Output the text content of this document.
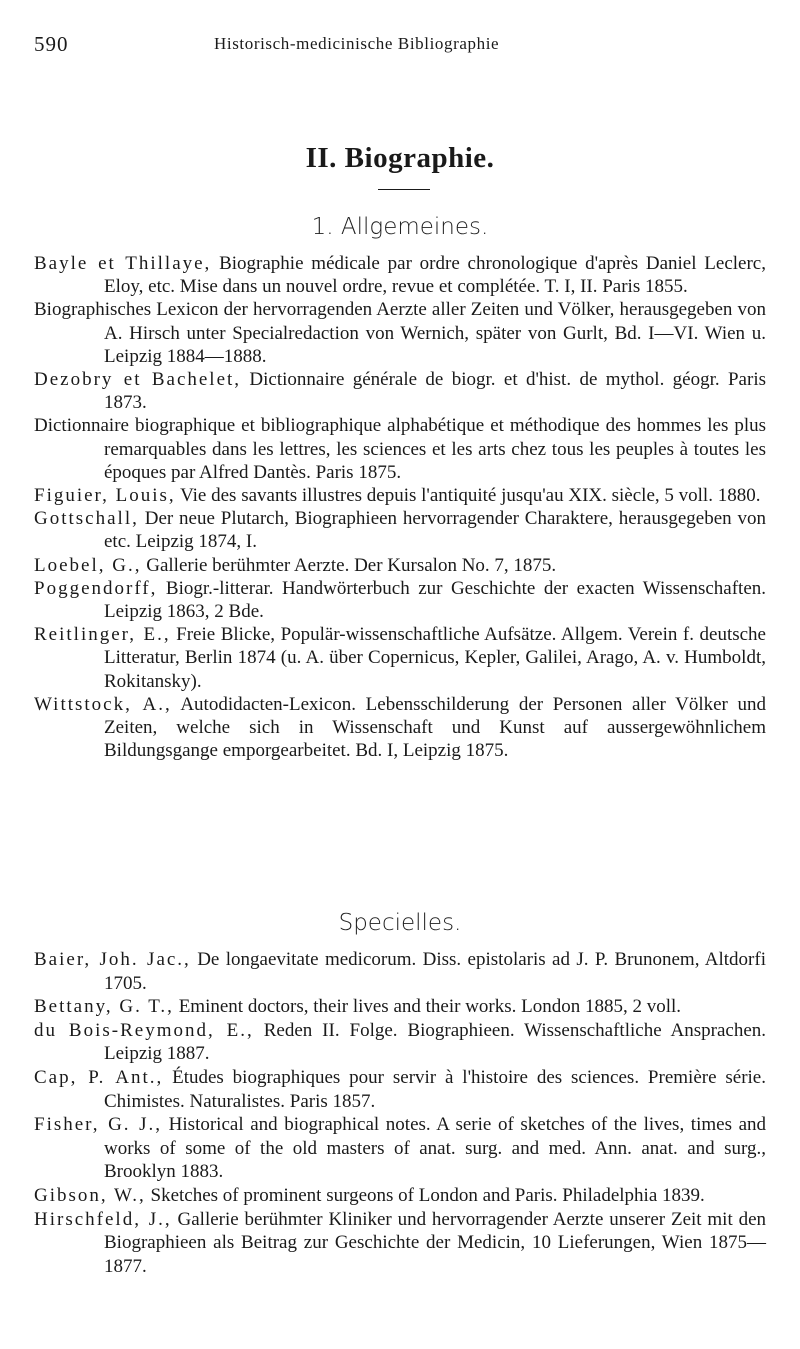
590	Historisch-medicinische Bibliographie
II. Biographie.
1. Allgemeines.
Bayle et Thillaye, Biographie médicale par ordre chronologique d'après Daniel Leclerc, Eloy, etc. Mise dans un nouvel ordre, revue et complétée. T. I, II. Paris 1855.
Biographisches Lexicon der hervorragenden Aerzte aller Zeiten und Völker, herausgegeben von A. Hirsch unter Specialredaction von Wernich, später von Gurlt, Bd. I—VI. Wien u. Leipzig 1884—1888.
Dezobry et Bachelet, Dictionnaire générale de biogr. et d'hist. de mythol. géogr. Paris 1873.
Dictionnaire biographique et bibliographique alphabétique et méthodique des hommes les plus remarquables dans les lettres, les sciences et les arts chez tous les peuples à toutes les époques par Alfred Dantès. Paris 1875.
Figuier, Louis, Vie des savants illustres depuis l'antiquité jusqu'au XIX. siècle, 5 voll. 1880.
Gottschall, Der neue Plutarch, Biographieen hervorragender Charaktere, herausgegeben von etc. Leipzig 1874, I.
Loebel, G., Gallerie berühmter Aerzte. Der Kursalon No. 7, 1875.
Poggendorff, Biogr.-litterar. Handwörterbuch zur Geschichte der exacten Wissenschaften. Leipzig 1863, 2 Bde.
Reitlinger, E., Freie Blicke, Populär-wissenschaftliche Aufsätze. Allgem. Verein f. deutsche Litteratur, Berlin 1874 (u. A. über Copernicus, Kepler, Galilei, Arago, A. v. Humboldt, Rokitansky).
Wittstock, A., Autodidacten-Lexicon. Lebensschilderung der Personen aller Völker und Zeiten, welche sich in Wissenschaft und Kunst auf aussergewöhnlichem Bildungsgange emporgearbeitet. Bd. I, Leipzig 1875.
Specielles.
Baier, Joh. Jac., De longaevitate medicorum. Diss. epistolaris ad J. P. Brunonem, Altdorfi 1705.
Bettany, G. T., Eminent doctors, their lives and their works. London 1885, 2 voll.
du Bois-Reymond, E., Reden II. Folge. Biographieen. Wissenschaftliche Ansprachen. Leipzig 1887.
Cap, P. Ant., Études biographiques pour servir à l'histoire des sciences. Première série. Chimistes. Naturalistes. Paris 1857.
Fisher, G. J., Historical and biographical notes. A serie of sketches of the lives, times and works of some of the old masters of anat. surg. and med. Ann. anat. and surg., Brooklyn 1883.
Gibson, W., Sketches of prominent surgeons of London and Paris. Philadelphia 1839.
Hirschfeld, J., Gallerie berühmter Kliniker und hervorragender Aerzte unserer Zeit mit den Biographieen als Beitrag zur Geschichte der Medicin, 10 Lieferungen, Wien 1875—1877.
